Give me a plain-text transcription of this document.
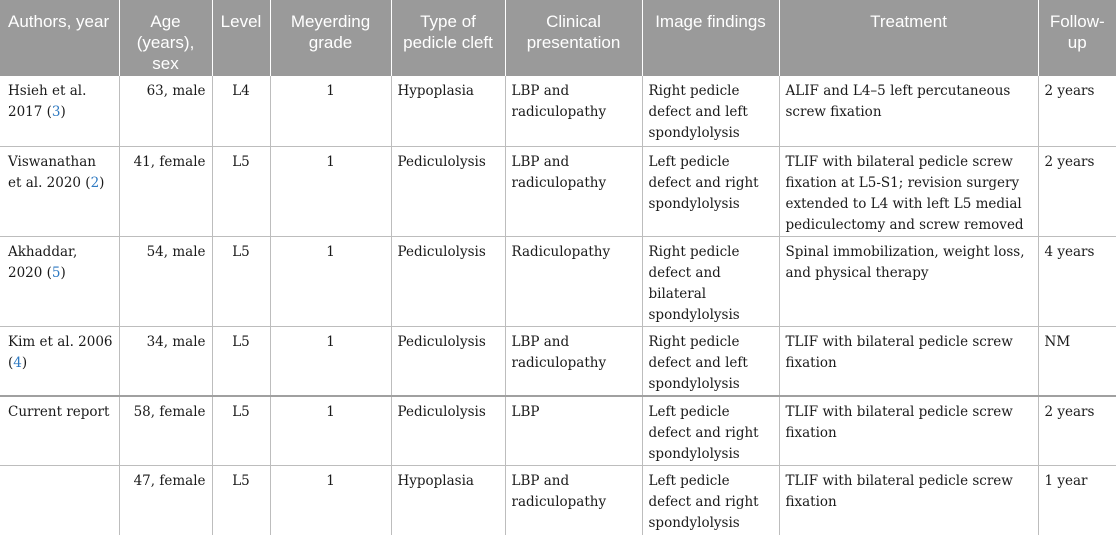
Authors, year	Age (years), sex	Level	Meyerding grade	Type of pedicle cleft	Clinical presentation	Image findings	Treatment	Follow-up
Hsieh et al. 2017 (3)	63, male	L4	1	Hypoplasia	LBP and radiculopathy	Right pedicle defect and left spondylolysis	ALIF and L4–5 left percutaneous screw fixation	2 years
Viswanathan et al. 2020 (2)	41, female	L5	1	Pediculolysis	LBP and radiculopathy	Left pedicle defect and right spondylolysis	TLIF with bilateral pedicle screw fixation at L5-S1; revision surgery extended to L4 with left L5 medial pediculectomy and screw removed	2 years
Akhaddar, 2020 (5)	54, male	L5	1	Pediculolysis	Radiculopathy	Right pedicle defect and bilateral spondylolysis	Spinal immobilization, weight loss, and physical therapy	4 years
Kim et al. 2006 (4)	34, male	L5	1	Pediculolysis	LBP and radiculopathy	Right pedicle defect and left spondylolysis	TLIF with bilateral pedicle screw fixation	NM
Current report	58, female	L5	1	Pediculolysis	LBP	Left pedicle defect and right spondylolysis	TLIF with bilateral pedicle screw fixation	2 years
	47, female	L5	1	Hypoplasia	LBP and radiculopathy	Left pedicle defect and right spondylolysis	TLIF with bilateral pedicle screw fixation	1 year
